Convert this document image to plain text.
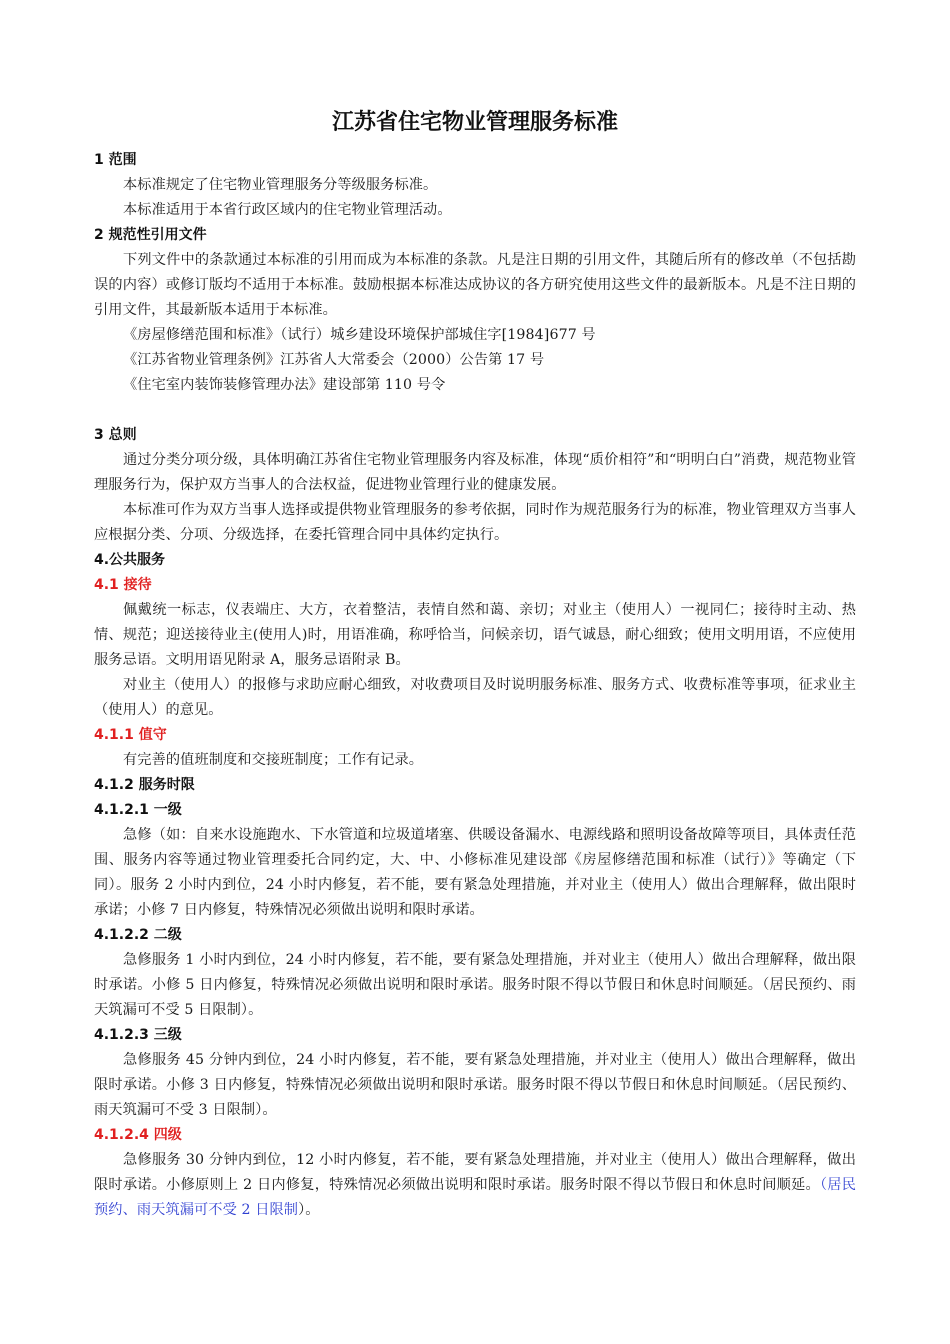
江苏省住宅物业管理服务标准
1 范围

本标准规定了住宅物业管理服务分等级服务标准。

本标准适用于本省行政区域内的住宅物业管理活动。

2 规范性引用文件

下列文件中的条款通过本标准的引用而成为本标准的条款。凡是注日期的引用文件，其随后所有的修改单（不包括勘误的内容）或修订版均不适用于本标准。鼓励根据本标准达成协议的各方研究使用这些文件的最新版本。凡是不注日期的引用文件，其最新版本适用于本标准。

《房屋修缮范围和标准》（试行）城乡建设环境保护部城住字[1984]677 号

《江苏省物业管理条例》江苏省人大常委会（2000）公告第 17 号

《住宅室内装饰装修管理办法》建设部第 110 号令

3 总则

通过分类分项分级，具体明确江苏省住宅物业管理服务内容及标准，体现“质价相符”和“明明白白”消费，规范物业管理服务行为，保护双方当事人的合法权益，促进物业管理行业的健康发展。

本标准可作为双方当事人选择或提供物业管理服务的参考依据，同时作为规范服务行为的标准，物业管理双方当事人应根据分类、分项、分级选择，在委托管理合同中具体约定执行。

4.公共服务
4.1 接待

佩戴统一标志，仪表端庄、大方，衣着整洁，表情自然和蔼、亲切；对业主（使用人）一视同仁；接待时主动、热情、规范；迎送接待业主(使用人)时，用语准确，称呼恰当，问候亲切，语气诚恳，耐心细致；使用文明用语，不应使用服务忌语。文明用语见附录 A，服务忌语附录 B。

对业主（使用人）的报修与求助应耐心细致，对收费项目及时说明服务标准、服务方式、收费标准等事项，征求业主（使用人）的意见。

4.1.1 值守

有完善的值班制度和交接班制度；工作有记录。

4.1.2 服务时限
4.1.2.1 一级

急修（如：自来水设施跑水、下水管道和垃圾道堵塞、供暖设备漏水、电源线路和照明设备故障等项目，具体责任范围、服务内容等通过物业管理委托合同约定，大、中、小修标准见建设部《房屋修缮范围和标准（试行）》等确定（下同）。服务 2 小时内到位，24 小时内修复，若不能，要有紧急处理措施，并对业主（使用人）做出合理解释，做出限时承诺；小修 7 日内修复，特殊情况必须做出说明和限时承诺。

4.1.2.2 二级

急修服务 1 小时内到位，24 小时内修复，若不能，要有紧急处理措施，并对业主（使用人）做出合理解释，做出限时承诺。小修 5 日内修复，特殊情况必须做出说明和限时承诺。服务时限不得以节假日和休息时间顺延。（居民预约、雨天筑漏可不受 5 日限制）。

4.1.2.3 三级

急修服务 45 分钟内到位，24 小时内修复，若不能，要有紧急处理措施，并对业主（使用人）做出合理解释，做出限时承诺。小修 3 日内修复，特殊情况必须做出说明和限时承诺。服务时限不得以节假日和休息时间顺延。（居民预约、雨天筑漏可不受 3 日限制）。

4.1.2.4 四级

急修服务 30 分钟内到位，12 小时内修复，若不能，要有紧急处理措施，并对业主（使用人）做出合理解释，做出限时承诺。小修原则上 2 日内修复，特殊情况必须做出说明和限时承诺。服务时限不得以节假日和休息时间顺延。（居民预约、雨天筑漏可不受 2 日限制）。
